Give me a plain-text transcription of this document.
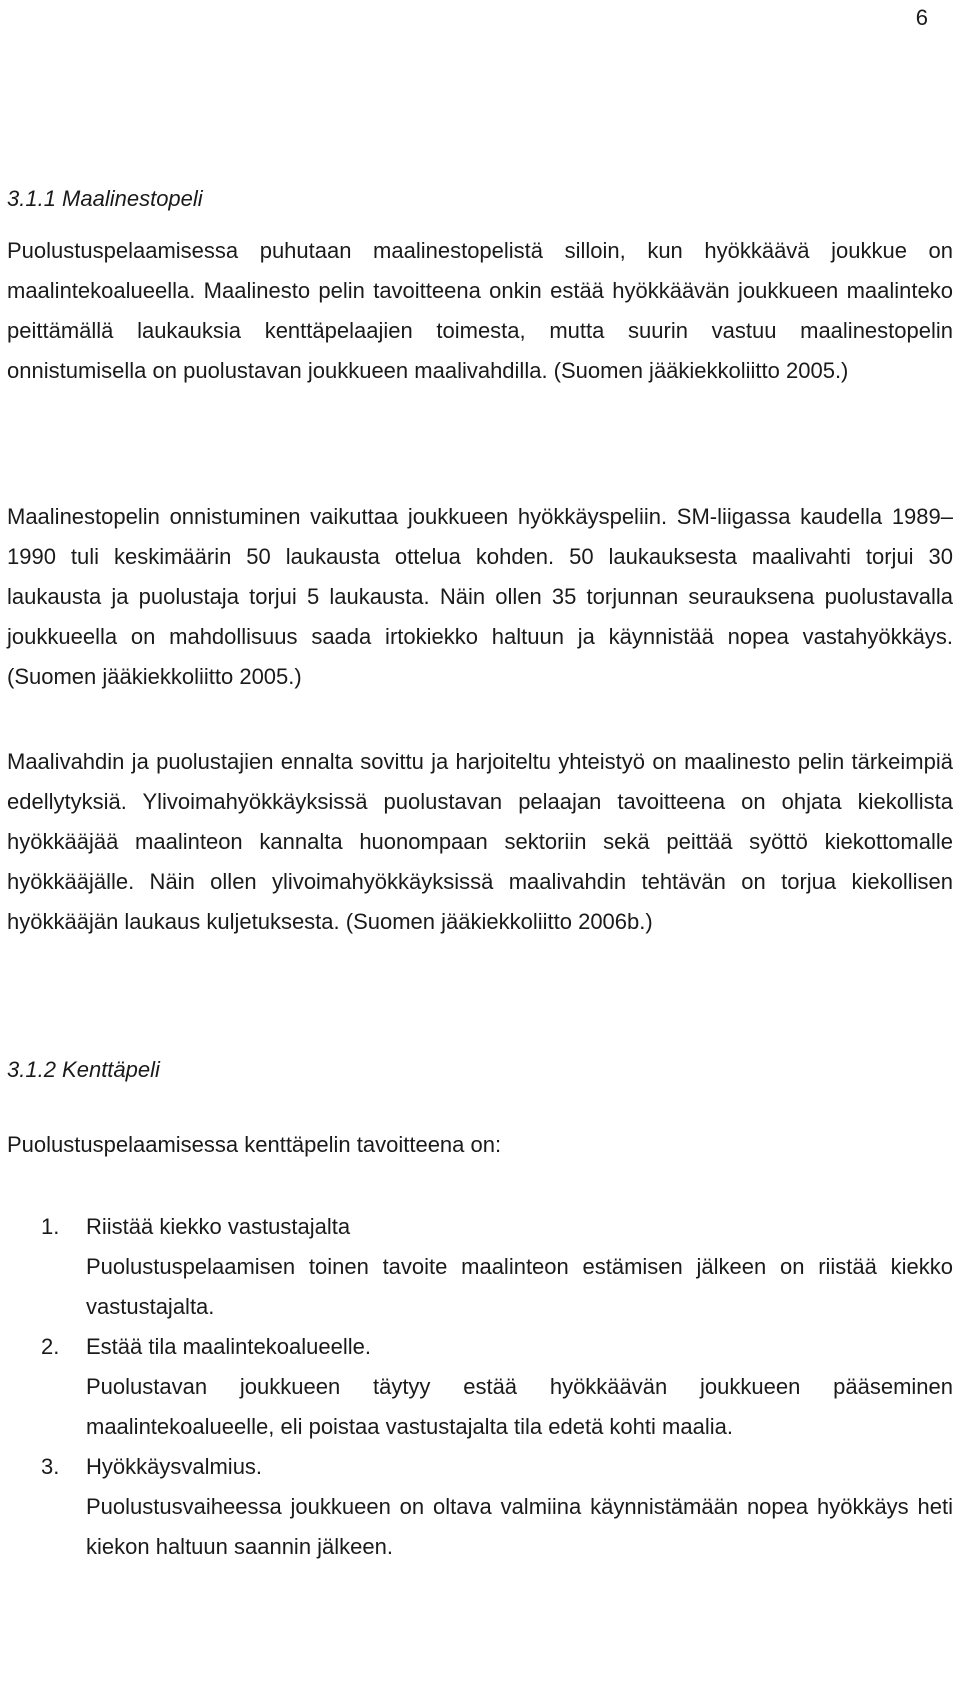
6
3.1.1 Maalinestopeli

Puolustuspelaamisessa puhutaan maalinestopelistä silloin, kun hyökkäävä joukkue on maalintekoalueella. Maalinesto pelin tavoitteena onkin estää hyökkäävän joukkueen maalinteko peittämällä laukauksia kenttäpelaajien toimesta, mutta suurin vastuu maalinestopelin onnistumisella on puolustavan joukkueen maalivahdilla. (Suomen jääkiekkoliitto 2005.)

Maalinestopelin onnistuminen vaikuttaa joukkueen hyökkäyspeliin. SM-liigassa kaudella 1989–1990 tuli keskimäärin 50 laukausta ottelua kohden. 50 laukauksesta maalivahti torjui 30 laukausta ja puolustaja torjui 5 laukausta. Näin ollen 35 torjunnan seurauksena puolustavalla joukkueella on mahdollisuus saada irtokiekko haltuun ja käynnistää nopea vastahyökkäys. (Suomen jääkiekkoliitto 2005.)

Maalivahdin ja puolustajien ennalta sovittu ja harjoiteltu yhteistyö on maalinesto pelin tärkeimpiä edellytyksiä. Ylivoimahyökkäyksissä puolustavan pelaajan tavoitteena on ohjata kiekollista hyökkääjää maalinteon kannalta huonompaan sektoriin sekä peittää syöttö kiekottomalle hyökkääjälle. Näin ollen ylivoimahyökkäyksissä maalivahdin tehtävän on torjua kiekollisen hyökkääjän laukaus kuljetuksesta. (Suomen jääkiekkoliitto 2006b.)

3.1.2 Kenttäpeli

Puolustuspelaamisessa kenttäpelin tavoitteena on:

1. Riistää kiekko vastustajalta
Puolustuspelaamisen toinen tavoite maalinteon estämisen jälkeen on riistää kiekko vastustajalta.
2. Estää tila maalintekoalueelle.
Puolustavan joukkueen täytyy estää hyökkäävän joukkueen pääseminen maalintekoalueelle, eli poistaa vastustajalta tila edetä kohti maalia.
3. Hyökkäysvalmius.
Puolustusvaiheessa joukkueen on oltava valmiina käynnistämään nopea hyökkäys heti kiekon haltuun saannin jälkeen.
